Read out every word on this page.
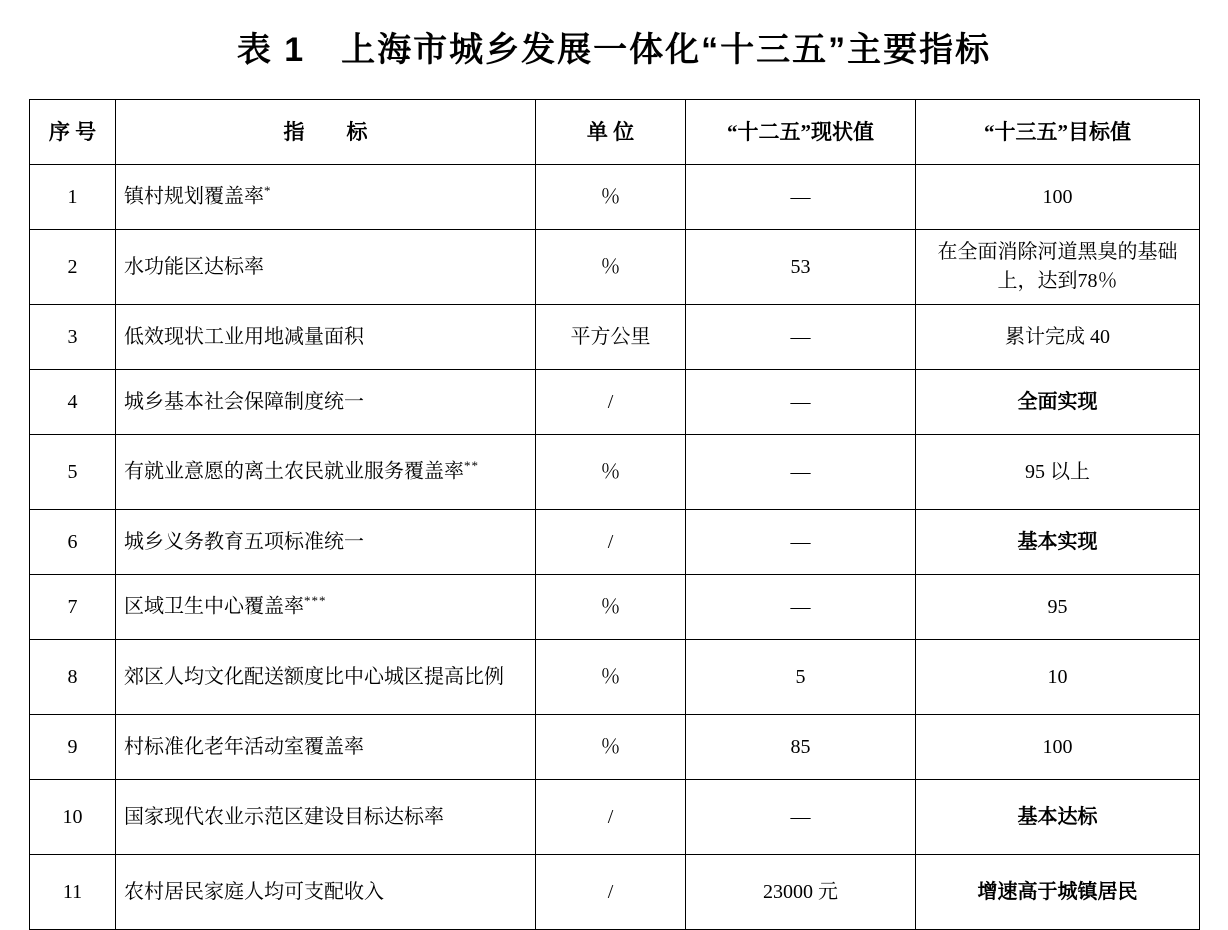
表 1　上海市城乡发展一体化“十三五”主要指标
序 号	指　　标	单 位	“十二五”现状值	“十三五”目标值
1	镇村规划覆盖率*	％	—	100
2	水功能区达标率	％	53	在全面消除河道黑臭的基础上，达到78％
3	低效现状工业用地减量面积	平方公里	—	累计完成 40
4	城乡基本社会保障制度统一	/	—	全面实现
5	有就业意愿的离土农民就业服务覆盖率**	％	—	95 以上
6	城乡义务教育五项标准统一	/	—	基本实现
7	区域卫生中心覆盖率***	％	—	95
8	郊区人均文化配送额度比中心城区提高比例	％	5	10
9	村标准化老年活动室覆盖率	％	85	100
10	国家现代农业示范区建设目标达标率	/	—	基本达标
11	农村居民家庭人均可支配收入	/	23000 元	增速高于城镇居民
